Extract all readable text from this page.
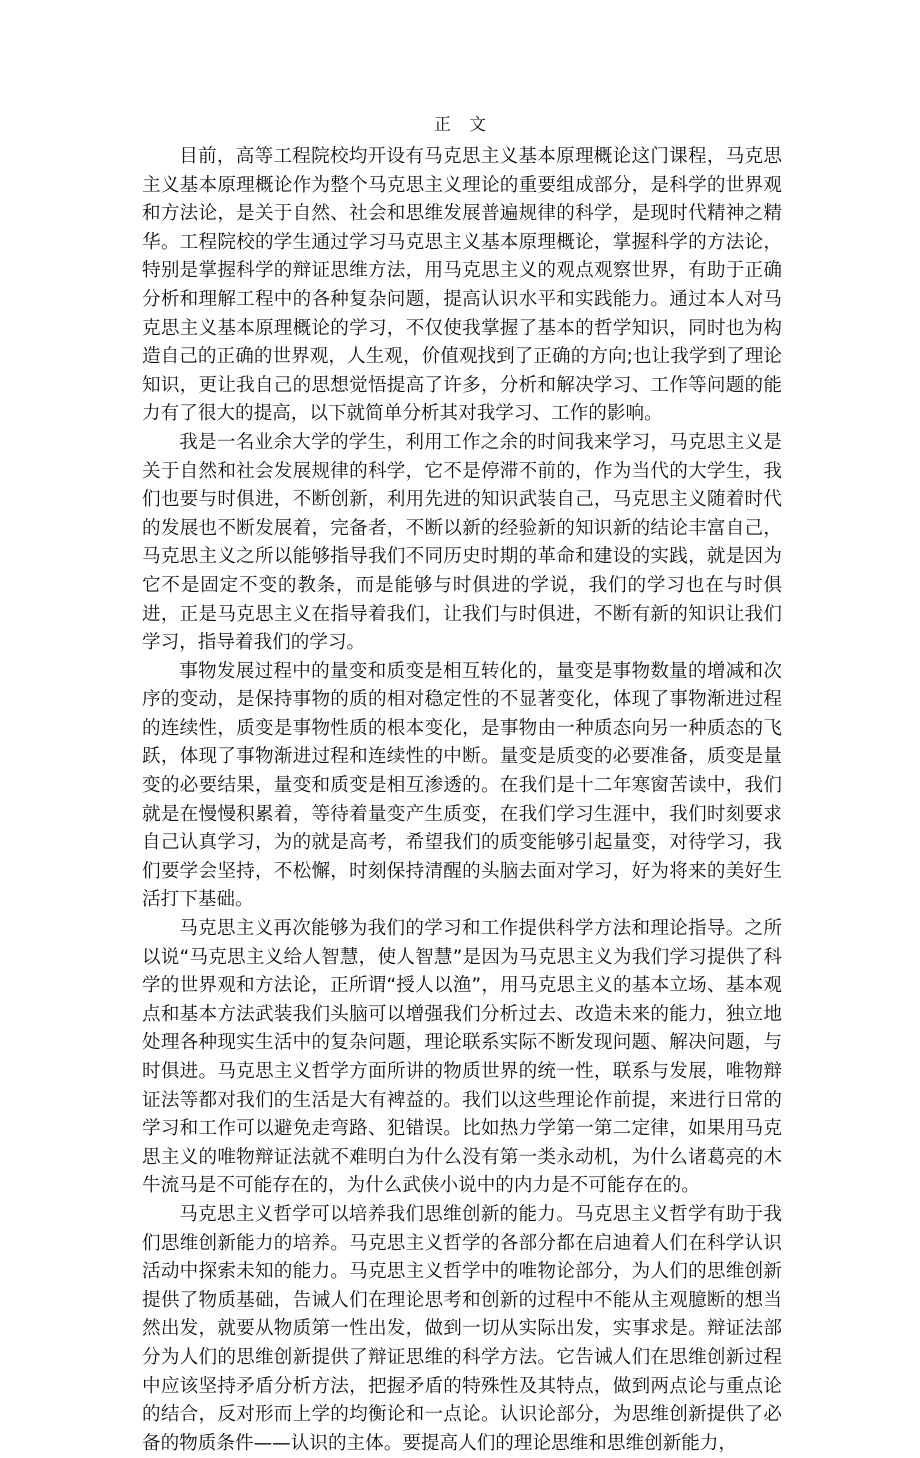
正文

目前，高等工程院校均开设有马克思主义基本原理概论这门课程，马克思主义基本原理概论作为整个马克思主义理论的重要组成部分，是科学的世界观和方法论，是关于自然、社会和思维发展普遍规律的科学，是现时代精神之精华。工程院校的学生通过学习马克思主义基本原理概论，掌握科学的方法论，特别是掌握科学的辩证思维方法，用马克思主义的观点观察世界，有助于正确分析和理解工程中的各种复杂问题，提高认识水平和实践能力。通过本人对马克思主义基本原理概论的学习，不仅使我掌握了基本的哲学知识，同时也为构造自己的正确的世界观，人生观，价值观找到了正确的方向;也让我学到了理论知识，更让我自己的思想觉悟提高了许多，分析和解决学习、工作等问题的能力有了很大的提高，以下就简单分析其对我学习、工作的影响。

我是一名业余大学的学生，利用工作之余的时间我来学习，马克思主义是关于自然和社会发展规律的科学，它不是停滞不前的，作为当代的大学生，我们也要与时俱进，不断创新，利用先进的知识武装自己，马克思主义随着时代的发展也不断发展着，完备者，不断以新的经验新的知识新的结论丰富自己，马克思主义之所以能够指导我们不同历史时期的革命和建设的实践，就是因为它不是固定不变的教条，而是能够与时俱进的学说，我们的学习也在与时俱进，正是马克思主义在指导着我们，让我们与时俱进，不断有新的知识让我们学习，指导着我们的学习。

事物发展过程中的量变和质变是相互转化的，量变是事物数量的增减和次序的变动，是保持事物的质的相对稳定性的不显著变化，体现了事物渐进过程的连续性，质变是事物性质的根本变化，是事物由一种质态向另一种质态的飞跃，体现了事物渐进过程和连续性的中断。量变是质变的必要准备，质变是量变的必要结果，量变和质变是相互渗透的。在我们是十二年寒窗苦读中，我们就是在慢慢积累着，等待着量变产生质变，在我们学习生涯中，我们时刻要求自己认真学习，为的就是高考，希望我们的质变能够引起量变，对待学习，我们要学会坚持，不松懈，时刻保持清醒的头脑去面对学习，好为将来的美好生活打下基础。

马克思主义再次能够为我们的学习和工作提供科学方法和理论指导。之所以说“马克思主义给人智慧，使人智慧”是因为马克思主义为我们学习提供了科学的世界观和方法论，正所谓“授人以渔”，用马克思主义的基本立场、基本观点和基本方法武装我们头脑可以增强我们分析过去、改造未来的能力，独立地处理各种现实生活中的复杂问题，理论联系实际不断发现问题、解决问题，与时俱进。马克思主义哲学方面所讲的物质世界的统一性，联系与发展，唯物辩证法等都对我们的生活是大有裨益的。我们以这些理论作前提，来进行日常的学习和工作可以避免走弯路、犯错误。比如热力学第一第二定律，如果用马克思主义的唯物辩证法就不难明白为什么没有第一类永动机，为什么诸葛亮的木牛流马是不可能存在的，为什么武侠小说中的内力是不可能存在的。

马克思主义哲学可以培养我们思维创新的能力。马克思主义哲学有助于我们思维创新能力的培养。马克思主义哲学的各部分都在启迪着人们在科学认识活动中探索未知的能力。马克思主义哲学中的唯物论部分，为人们的思维创新提供了物质基础，告诫人们在理论思考和创新的过程中不能从主观臆断的想当然出发，就要从物质第一性出发，做到一切从实际出发，实事求是。辩证法部分为人们的思维创新提供了辩证思维的科学方法。它告诫人们在思维创新过程中应该坚持矛盾分析方法，把握矛盾的特殊性及其特点，做到两点论与重点论的结合，反对形而上学的均衡论和一点论。认识论部分，为思维创新提供了必备的物质条件——认识的主体。要提高人们的理论思维和思维创新能力，
